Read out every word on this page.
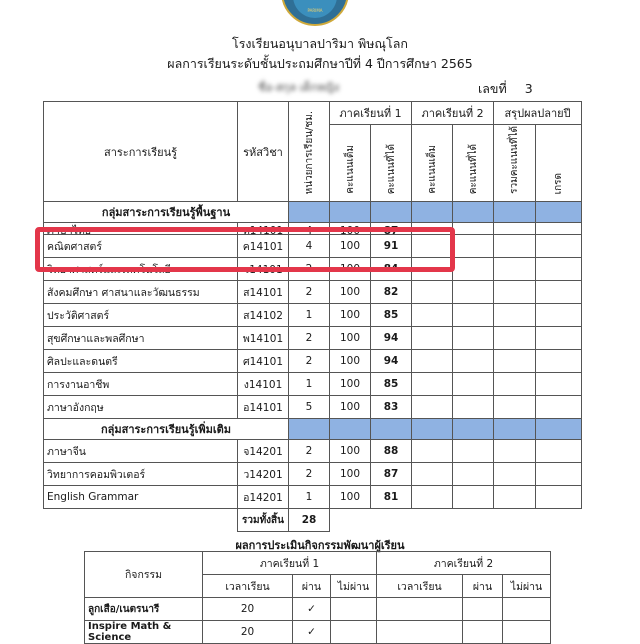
PARIMA
โรงเรียนอนุบาลปาริมา พิษณุโลก
ผลการเรียนระดับชั้นประถมศึกษาปีที่ 4 ปีการศึกษา 2565
ชื่อ-สกุล เด็กหญิง	เลขที่ 3
สาระการเรียนรู้	รหัสวิชา	หน่วยการเรียน/ชม.	ภาคเรียนที่ 1		ภาคเรียนที่ 2		สรุปผลปลายปี	
			คะแนนเต็ม	คะแนนที่ได้	คะแนนเต็ม	คะแนนที่ได้	รวมคะแนนที่ได้	เกรด
กลุ่มสาระการเรียนรู้พื้นฐาน								

ภาษาไทย	ท14101	4	100	87				

คณิตศาสตร์	ค14101	4	100	91				
วิทยาศาสตร์และเทคโนโลยี	ว14101	2	100	84				
สังคมศึกษา ศาสนาและวัฒนธรรม	ส14101	2	100	82				
ประวัติศาสตร์	ส14102	1	100	85				
สุขศึกษาและพลศึกษา	พ14101	2	100	94				
ศิลปะและดนตรี	ศ14101	2	100	94				
การงานอาชีพ	ง14101	1	100	85				
ภาษาอังกฤษ	อ14101	5	100	83				
กลุ่มสาระการเรียนรู้เพิ่มเติม								
ภาษาจีน	จ14201	2	100	88				
วิทยาการคอมพิวเตอร์	ว14201	2	100	87				
English Grammar	อ14201	1	100	81				
	รวมทั้งสิ้น	28						
ผลการประเมินกิจกรรมพัฒนาผู้เรียน
กิจกรรม	ภาคเรียนที่ 1			ภาคเรียนที่ 2		
	เวลาเรียน	ผ่าน	ไม่ผ่าน	เวลาเรียน	ผ่าน	ไม่ผ่าน
ลูกเสือ/เนตรนารี	20	✓				
Inspire Math & Science	20	✓				
